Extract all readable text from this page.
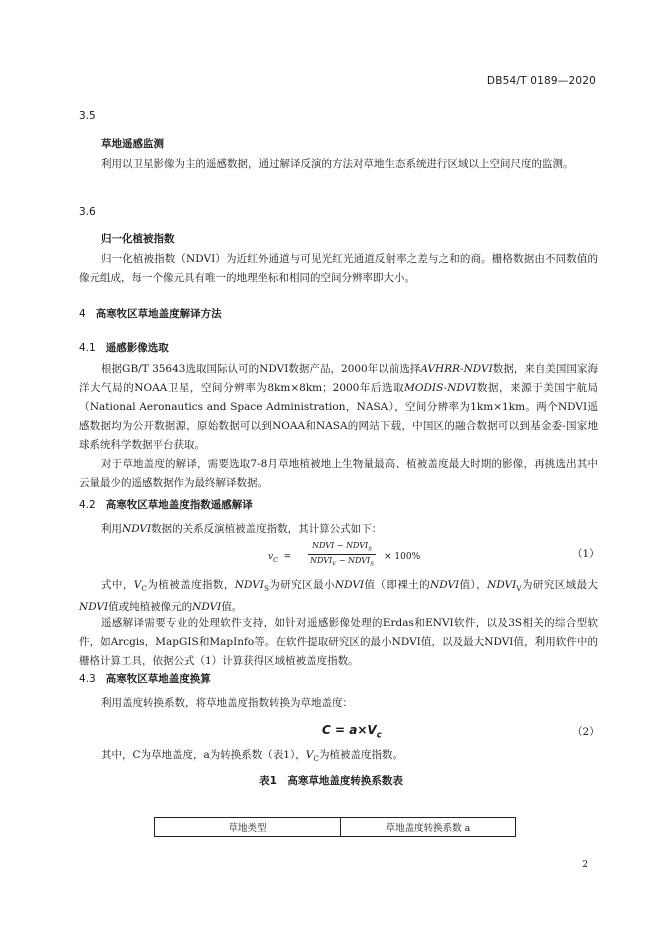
DB54/T 0189—2020
3.5
草地遥感监测
利用以卫星影像为主的遥感数据，通过解译反演的方法对草地生态系统进行区域以上空间尺度的监测。
3.6
归一化植被指数
归一化植被指数（NDVI）为近红外通道与可见光红光通道反射率之差与之和的商。栅格数据由不同数值的像元组成，每一个像元具有唯一的地理坐标和相同的空间分辨率即大小。
4 高寒牧区草地盖度解译方法
4.1 遥感影像选取
根据GB/T 35643选取国际认可的NDVI数据产品，2000年以前选择AVHRR-NDVI数据，来自美国国家海洋大气局的NOAA卫星，空间分辨率为8km×8km；2000年后选取MODIS-NDVI数据，来源于美国宇航局（National Aeronautics and Space Administration，NASA），空间分辨率为1km×1km。两个NDVI遥感数据均为公开数据源，原始数据可以到NOAA和NASA的网站下载，中国区的融合数据可以到基金委-国家地球系统科学数据平台获取。
对于草地盖度的解译，需要选取7-8月草地植被地上生物量最高、植被盖度最大时期的影像，再挑选出其中云量最少的遥感数据作为最终解译数据。
4.2 高寒牧区草地盖度指数遥感解译
利用NDVI数据的关系反演植被盖度指数，其计算公式如下：
$v_C$ =
NDVI − $NDVI_S$
$NDVI_V$ − $NDVI_S$
× 100%	（1）
式中，$V_C$为植被盖度指数，$NDVI_S$为研究区最小NDVI值（即裸土的NDVI值），$NDVI_V$为研究区域最大NDVI值或纯植被像元的NDVI值。
遥感解译需要专业的处理软件支持，如针对遥感影像处理的Erdas和ENVI软件，以及3S相关的综合型软件，如Arcgis，MapGIS和MapInfo等。在软件提取研究区的最小NDVI值，以及最大NDVI值，利用软件中的栅格计算工具，依据公式（1）计算获得区域植被盖度指数。
4.3 高寒牧区草地盖度换算
利用盖度转换系数，将草地盖度指数转换为草地盖度：
$C = a\times V_c$	（2）
其中，C为草地盖度，a为转换系数（表1），$V_C$为植被盖度指数。
表1　高寒草地盖度转换系数表
草地类型	草地盖度转换系数 a
2
